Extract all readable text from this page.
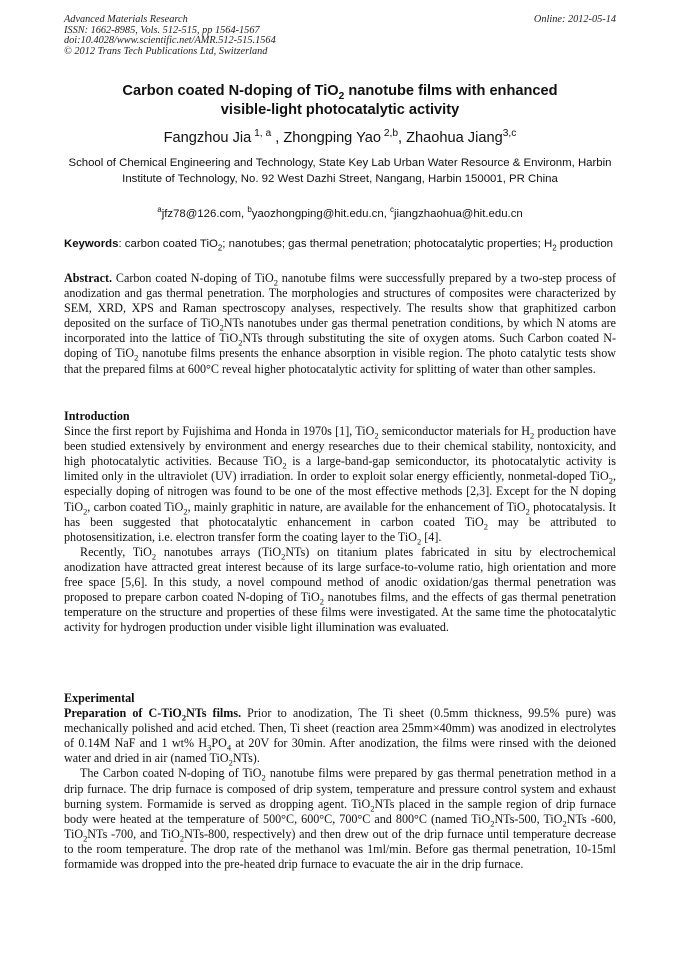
Advanced Materials Research
ISSN: 1662-8985, Vols. 512-515, pp 1564-1567
doi:10.4028/www.scientific.net/AMR.512-515.1564
© 2012 Trans Tech Publications Ltd, Switzerland
Online: 2012-05-14
Carbon coated N-doping of TiO$_2$ nanotube films with enhanced
visible-light photocatalytic activity
Fangzhou Jia $^{1, a}$ , Zhongping Yao $^{2,b}$, Zhaohua Jiang$^{3,c}$
School of Chemical Engineering and Technology, State Key Lab Urban Water Resource & Environm, Harbin Institute of Technology, No. 92 West Dazhi Street, Nangang, Harbin 150001, PR China
$^a$jfz78@126.com, $^b$yaozhongping@hit.edu.cn, $^c$jiangzhaohua@hit.edu.cn
Keywords: carbon coated TiO$_2$; nanotubes; gas thermal penetration; photocatalytic properties; $H_2$ production

Abstract. Carbon coated N-doping of TiO$_2$ nanotube films were successfully prepared by a two-step process of anodization and gas thermal penetration. The morphologies and structures of composites were characterized by SEM, XRD, XPS and Raman spectroscopy analyses, respectively. The results show that graphitized carbon deposited on the surface of TiO$_2$NTs nanotubes under gas thermal penetration conditions, by which N atoms are incorporated into the lattice of TiO$_2$NTs through substituting the site of oxygen atoms. Such Carbon coated N-doping of TiO$_2$ nanotube films presents the enhance absorption in visible region. The photo catalytic tests show that the prepared films at 600°C reveal higher photocatalytic activity for splitting of water than other samples.

Introduction

Since the first report by Fujishima and Honda in 1970s [1], TiO$_2$ semiconductor materials for $H_2$ production have been studied extensively by environment and energy researches due to their chemical stability, nontoxicity, and high photocatalytic activities. Because TiO$_2$ is a large-band-gap semiconductor, its photocatalytic activity is limited only in the ultraviolet (UV) irradiation. In order to exploit solar energy efficiently, nonmetal-doped TiO$_2$, especially doping of nitrogen was found to be one of the most effective methods [2,3]. Except for the N doping TiO$_2$, carbon coated TiO$_2$, mainly graphitic in nature, are available for the enhancement of TiO$_2$ photocatalysis. It has been suggested that photocatalytic enhancement in carbon coated TiO$_2$ may be attributed to photosensitization, i.e. electron transfer form the coating layer to the TiO$_2$ [4].

Recently, TiO$_2$ nanotubes arrays (TiO$_2$NTs) on titanium plates fabricated in situ by electrochemical anodization have attracted great interest because of its large surface-to-volume ratio, high orientation and more free space [5,6]. In this study, a novel compound method of anodic oxidation/gas thermal penetration was proposed to prepare carbon coated N-doping of TiO$_2$ nanotubes films, and the effects of gas thermal penetration temperature on the structure and properties of these films were investigated. At the same time the photocatalytic activity for hydrogen production under visible light illumination was evaluated.

Experimental

Preparation of C-TiO$_2$NTs films. Prior to anodization, The Ti sheet (0.5mm thickness, 99.5% pure) was mechanically polished and acid etched. Then, Ti sheet (reaction area 25mm×40mm) was anodized in electrolytes of 0.14M NaF and 1 wt% $H_3PO_4$ at 20V for 30min. After anodization, the films were rinsed with the deioned water and dried in air (named TiO$_2$NTs).

The Carbon coated N-doping of TiO$_2$ nanotube films were prepared by gas thermal penetration method in a drip furnace. The drip furnace is composed of drip system, temperature and pressure control system and exhaust burning system. Formamide is served as dropping agent. TiO$_2$NTs placed in the sample region of drip furnace body were heated at the temperature of 500°C, 600°C, 700°C and 800°C (named TiO$_2$NTs-500, TiO$_2$NTs -600, TiO$_2$NTs -700, and TiO$_2$NTs-800, respectively) and then drew out of the drip furnace until temperature decrease to the room temperature. The drop rate of the methanol was 1ml/min. Before gas thermal penetration, 10-15ml formamide was dropped into the pre-heated drip furnace to evacuate the air in the drip furnace.
